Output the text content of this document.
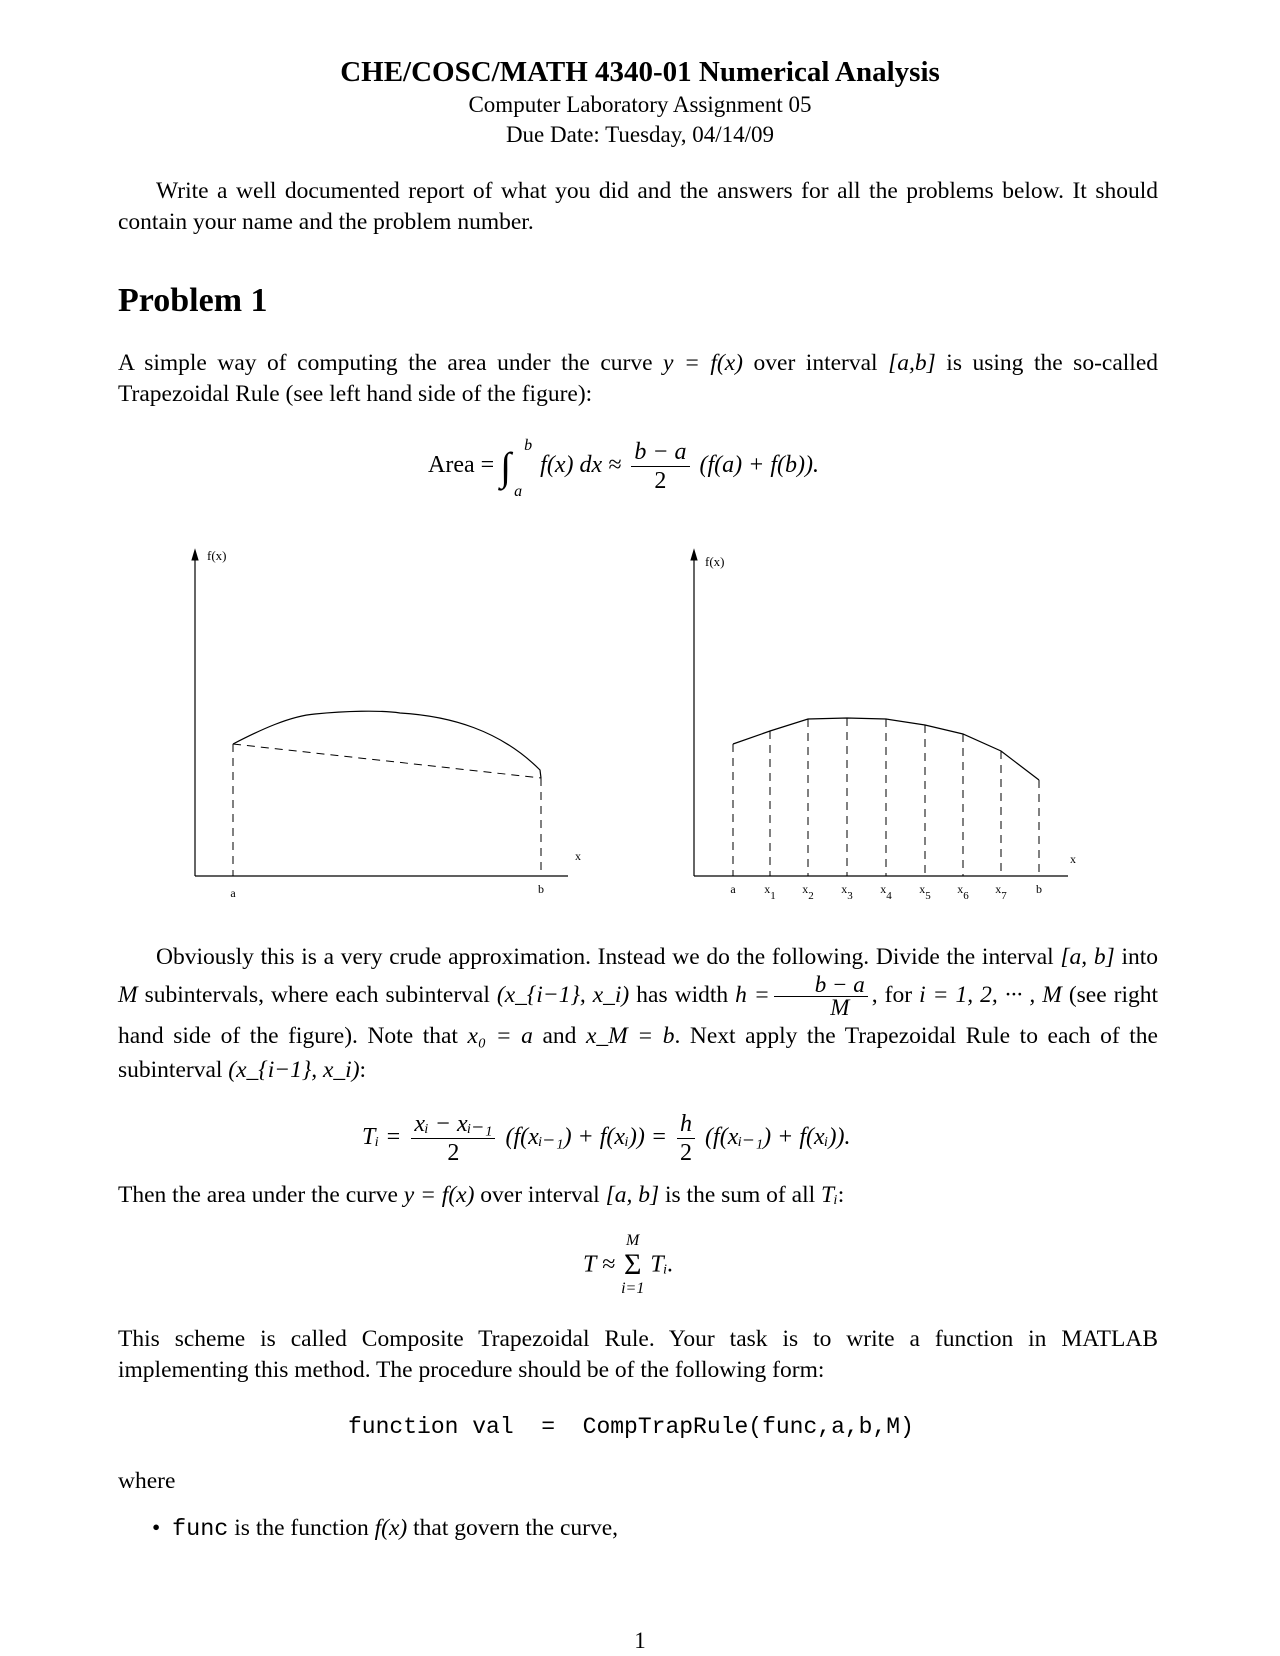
CHE/COSC/MATH 4340-01 Numerical Analysis
Computer Laboratory Assignment 05
Due Date: Tuesday, 04/14/09
Write a well documented report of what you did and the answers for all the problems below. It should contain your name and the problem number.
Problem 1
A simple way of computing the area under the curve y = f(x) over interval [a,b] is using the so-called Trapezoidal Rule (see left hand side of the figure):
Area = ∫ b
a
f(x) dx ≈ $\frac{b - a}{2} (f(a) + f(b))$.
f(x)
x
a	b
f(x)
x
a x1 x2 x3 x4 x5 x6 x7 b
Obviously this is a very crude approximation. Instead we do the following. Divide the interval [a, b] into M subintervals, where each subinterval (x_{i−1}, x_i) has width $h = \frac{b - a}{M}$ , for i = 1, 2, ··· , M (see right hand side of the figure). Note that x₀ = a and x_M = b. Next apply the Trapezoidal Rule to each of the subinterval (x_{i−1}, x_i):
Tᵢ = $\frac{\text{xᵢ − xᵢ₋₁}}{2}$ (f(xᵢ₋₁) + f(xᵢ)) = $\frac{h}{2}$ (f(xᵢ₋₁) + f(xᵢ)).
Then the area under the curve y = f(x) over interval [a, b] is the sum of all Tᵢ:
T ≈
M
Σ
i=1
Tᵢ.
This scheme is called Composite Trapezoidal Rule. Your task is to write a function in MATLAB implementing this method. The procedure should be of the following form:
function val  =  CompTrapRule(func,a,b,M)
where
• func is the function f(x) that govern the curve,
1
